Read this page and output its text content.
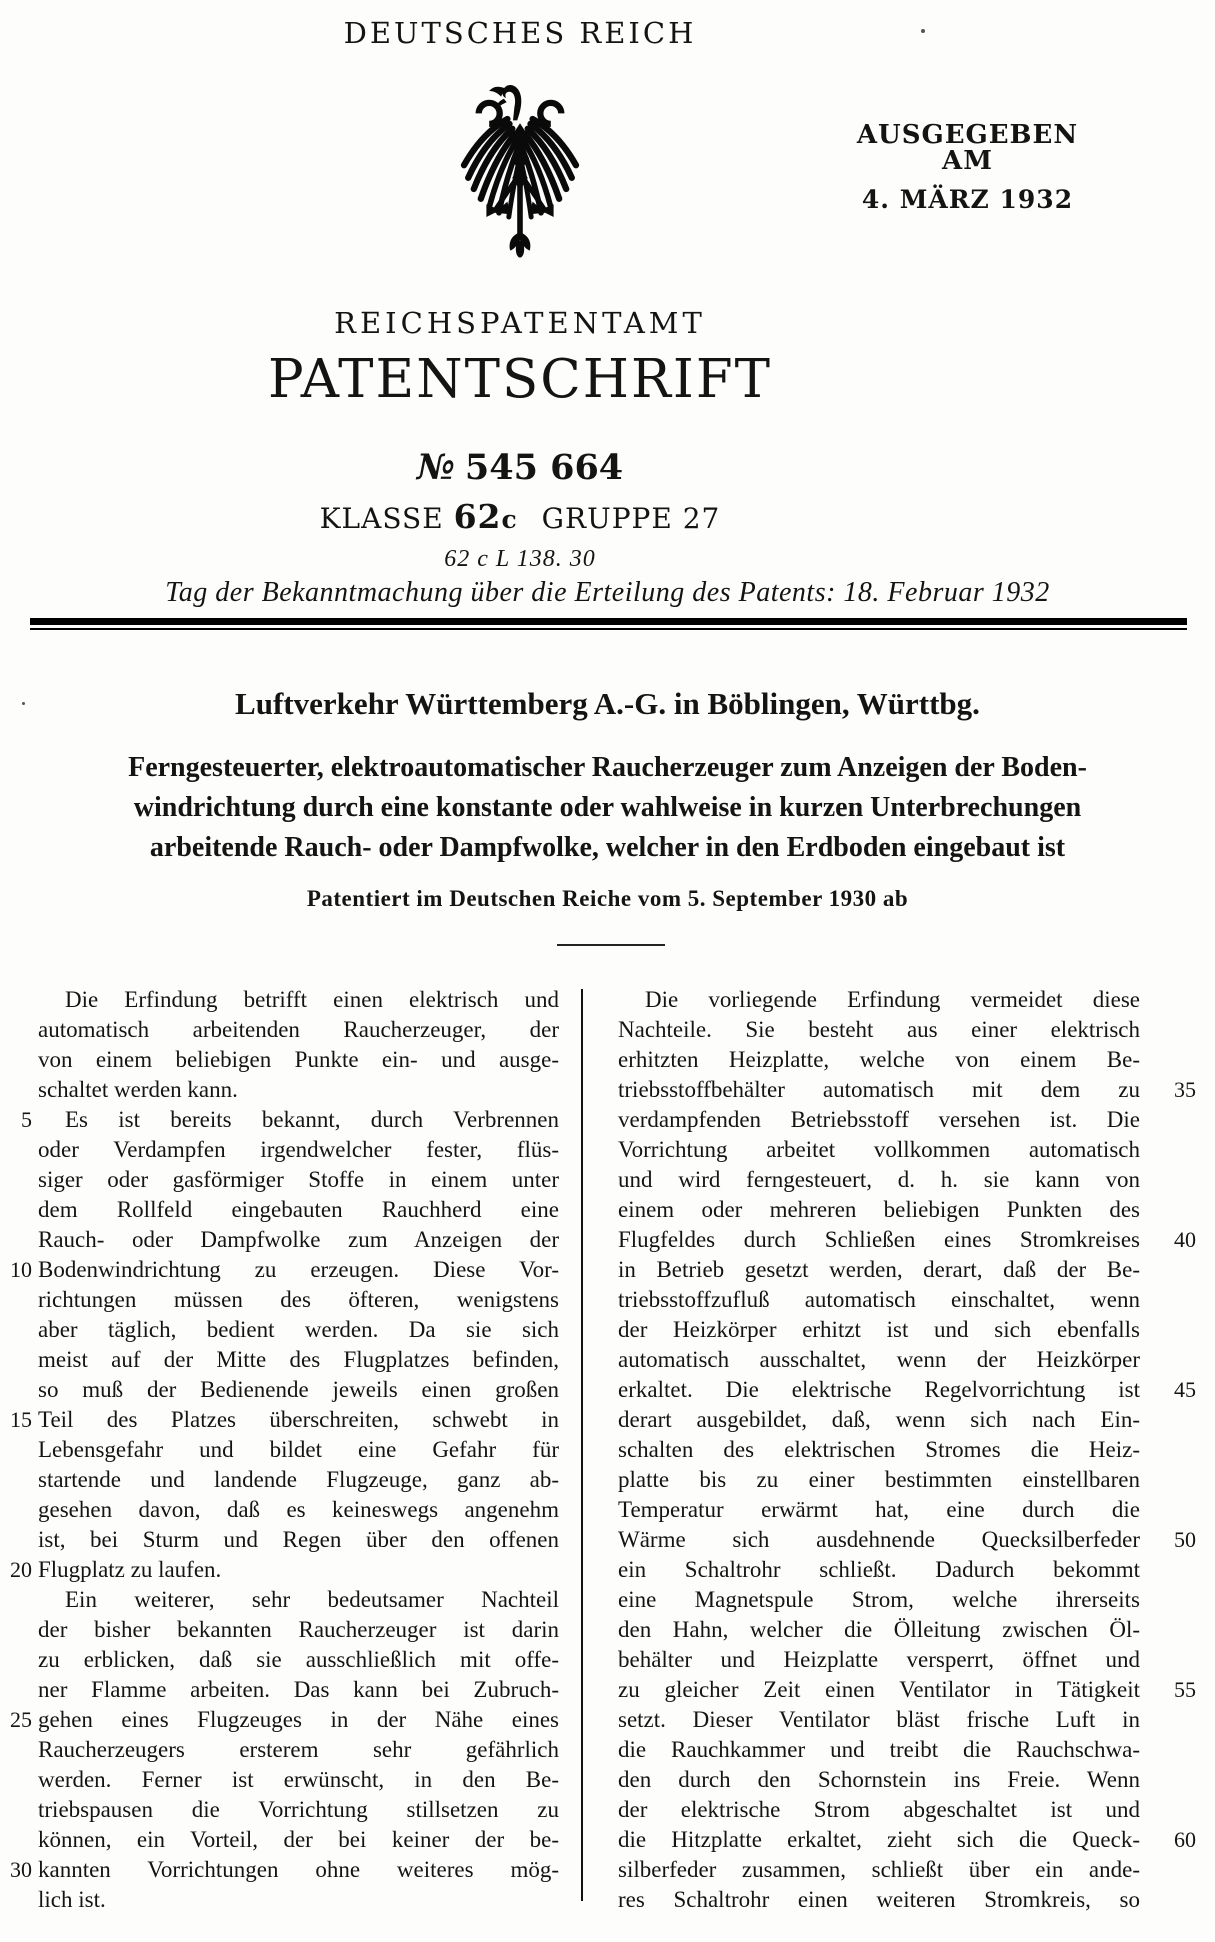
DEUTSCHES REICH
AUSGEGEBEN AM
4. MÄRZ 1932
REICHSPATENTAMT
PATENTSCHRIFT
№ 545 664
KLASSE 62c GRUPPE 27
62 c L 138. 30
Tag der Bekanntmachung über die Erteilung des Patents: 18. Februar 1932
Luftverkehr Württemberg A.-G. in Böblingen, Württbg.
Ferngesteuerter, elektroautomatischer Raucherzeuger zum Anzeigen der Boden-
windrichtung durch eine konstante oder wahlweise in kurzen Unterbrechungen
arbeitende Rauch- oder Dampfwolke, welcher in den Erdboden eingebaut ist
Patentiert im Deutschen Reiche vom 5. September 1930 ab
5
10
15
20
25
30
Die Erfindung betrifft einen elektrisch und
automatisch arbeitenden Raucherzeuger, der
von einem beliebigen Punkte ein- und ausge-
schaltet werden kann.
Es ist bereits bekannt, durch Verbrennen
oder Verdampfen irgendwelcher fester, flüs-
siger oder gasförmiger Stoffe in einem unter
dem Rollfeld eingebauten Rauchherd eine
Rauch- oder Dampfwolke zum Anzeigen der
Bodenwindrichtung zu erzeugen. Diese Vor-
richtungen müssen des öfteren, wenigstens
aber täglich, bedient werden. Da sie sich
meist auf der Mitte des Flugplatzes befinden,
so muß der Bedienende jeweils einen großen
Teil des Platzes überschreiten, schwebt in
Lebensgefahr und bildet eine Gefahr für
startende und landende Flugzeuge, ganz ab-
gesehen davon, daß es keineswegs angenehm
ist, bei Sturm und Regen über den offenen
Flugplatz zu laufen.
Ein weiterer, sehr bedeutsamer Nachteil
der bisher bekannten Raucherzeuger ist darin
zu erblicken, daß sie ausschließlich mit offe-
ner Flamme arbeiten. Das kann bei Zubruch-
gehen eines Flugzeuges in der Nähe eines
Raucherzeugers ersterem sehr gefährlich
werden. Ferner ist erwünscht, in den Be-
triebspausen die Vorrichtung stillsetzen zu
können, ein Vorteil, der bei keiner der be-
kannten Vorrichtungen ohne weiteres mög-
lich ist.
Die vorliegende Erfindung vermeidet diese
Nachteile. Sie besteht aus einer elektrisch
erhitzten Heizplatte, welche von einem Be-
triebsstoffbehälter automatisch mit dem zu
verdampfenden Betriebsstoff versehen ist. Die
Vorrichtung arbeitet vollkommen automatisch
und wird ferngesteuert, d. h. sie kann von
einem oder mehreren beliebigen Punkten des
Flugfeldes durch Schließen eines Stromkreises
in Betrieb gesetzt werden, derart, daß der Be-
triebsstoffzufluß automatisch einschaltet, wenn
der Heizkörper erhitzt ist und sich ebenfalls
automatisch ausschaltet, wenn der Heizkörper
erkaltet. Die elektrische Regelvorrichtung ist
derart ausgebildet, daß, wenn sich nach Ein-
schalten des elektrischen Stromes die Heiz-
platte bis zu einer bestimmten einstellbaren
Temperatur erwärmt hat, eine durch die
Wärme sich ausdehnende Quecksilberfeder
ein Schaltrohr schließt. Dadurch bekommt
eine Magnetspule Strom, welche ihrerseits
den Hahn, welcher die Ölleitung zwischen Öl-
behälter und Heizplatte versperrt, öffnet und
zu gleicher Zeit einen Ventilator in Tätigkeit
setzt. Dieser Ventilator bläst frische Luft in
die Rauchkammer und treibt die Rauchschwa-
den durch den Schornstein ins Freie. Wenn
der elektrische Strom abgeschaltet ist und
die Hitzplatte erkaltet, zieht sich die Queck-
silberfeder zusammen, schließt über ein ande-
res Schaltrohr einen weiteren Stromkreis, so
35
40
45
50
55
60
